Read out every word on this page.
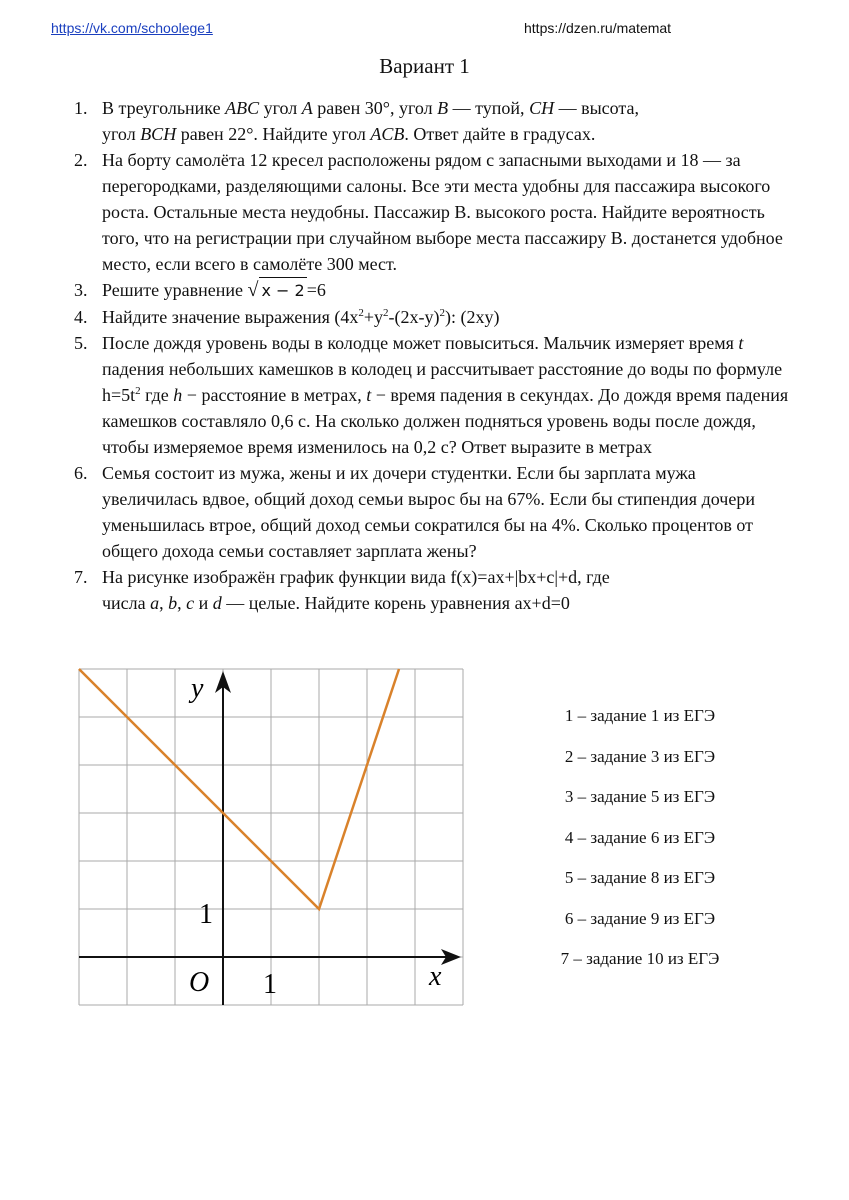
https://vk.com/schoolege1	https://dzen.ru/matemat
Вариант 1
1. В треугольнике ABC угол A равен 30°, угол B — тупой, CH — высота,
угол BCH равен 22°. Найдите угол ACB. Ответ дайте в градусах.
2. На борту самолёта 12 кресел расположены рядом с запасными выходами и 18 — за перегородками, разделяющими салоны. Все эти места удобны для пассажира высокого роста. Остальные места неудобны. Пассажир В. высокого роста. Найдите вероятность того, что на регистрации при случайном выборе места пассажиру В. достанется удобное место, если всего в самолёте 300 мест.
3. Решите уравнение √ x − 2 =6
4. Найдите значение выражения $(4x^2+y^2-(2x-y)^2)$: (2xy)
5. После дождя уровень воды в колодце может повыситься. Мальчик измеряет время t падения небольших камешков в колодец и рассчитывает расстояние до воды по формуле $h=5t^2$ где h − расстояние в метрах, t − время падения в секундах. До дождя время падения камешков составляло 0,6 с. На сколько должен подняться уровень воды после дождя, чтобы измеряемое время изменилось на 0,2 с? Ответ выразите в метрах
6. Семья состоит из мужа, жены и их дочери студентки. Если бы зарплата мужа увеличилась вдвое, общий доход семьи вырос бы на 67%. Если бы стипендия дочери уменьшилась втрое, общий доход семьи сократился бы на 4%. Сколько процентов от общего дохода семьи составляет зарплата жены?
7. На рисунке изображён график функции вида f(x)=ax+|bx+c|+d, где
числа a, b, c и d — целые. Найдите корень уравнения ax+d=0
x
y
O 1
1
1 – задание 1 из ЕГЭ
2 – задание 3 из ЕГЭ
3 – задание 5 из ЕГЭ
4 – задание 6 из ЕГЭ
5 – задание 8 из ЕГЭ
6 – задание 9 из ЕГЭ
7 – задание 10 из ЕГЭ
